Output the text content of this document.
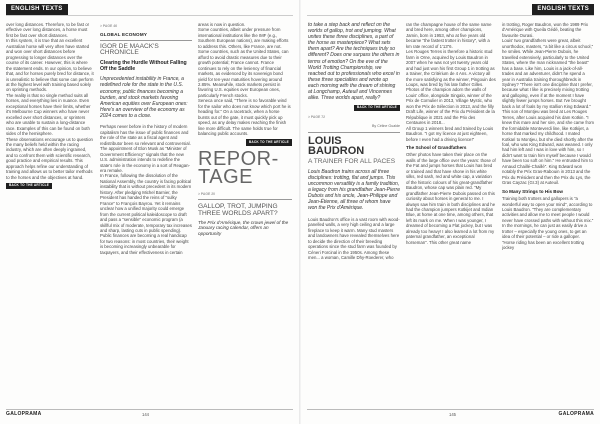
ENGLISH TEXTS

over long distances. Therefore, to be fast or effective over long distances, a horse must first be fast over short distances.

In this system, it is true that an excellent Australian horse will very often have started and won over short distances before progressing to longer distances over the course of its career. However, this is where the statement ends. In our opinion, to believe that, and for horses purely bred for distance, it is unrealistic to believe that some can perform at the highest level with training based solely on sprinting methods.

The reality is that no single method suits all horses, and everything lies in nuance. Even exceptional horses have their limits, whether it's Melbourne Cup winners who have never excelled over short distances, or sprinters who are unable to sustain a long-distance race. Examples of this can be found on both sides of the hemisphere.

These observations encourage us to question the many beliefs held within the racing industry, which are often deeply ingrained, and to confront them with scientific research, good practice and empirical results. This approach helps refine our understanding of training and allows us to better tailor methods to the horses and the objectives at hand.

BACK TO THE ARTICLE
> PAGE 46
GLOBAL ECONOMY
IGOR DE MAACK'S CHRONICLE
Clearing the Hurdle Without Falling Off the Saddle

Unprecedented instability in France, a redefined role for the state in the U.S. economy, public finances becoming a burden, and stock markets favoring American equities over European ones: Here's an overview of the economy as 2024 comes to a close.

Perhaps never before in the history of modern capitalism has the issue of public finances and the role of the state as a fiscal agent and redistributor been so relevant and controversial. The appointment of Elon Musk as "Minister of Government Efficiency" signals that the new U.S. administration intends to redefine the state's role in the economy in a sort of Reagan-era remake.

In France, following the dissolution of the National Assembly, the country is facing political instability that is without precedent in its modern history. After pledging Michel Barnier, the President has handed the reins of "sulky France" to François Bayrou. Yet it remains unclear how a unified majority could emerge from the current political kaleidoscope to draft and pass a "sensible" economic program (a skillful mix of moderate, temporary tax increases and sharp, lasting cuts in public spending).

Public finances are becoming a real handicap for two reasons: in most countries, their weight is becoming increasingly unbearable for taxpayers, and their effectiveness in certain

areas is now in question.

Some countries, albeit under pressure from international institutions like the IMF (e.g., Southern European nations), are making efforts to address this. Others, like France, are not. Some countries, such as the United States, can afford to avoid drastic measures due to their growth potential; France cannot. France continues to rely on the leniency of financial markets, as evidenced by its sovereign bond yield for ten-year maturities hovering around 2.85%. Meanwhile, stock markets persist in favoring U.S. equities over European ones, particularly French stocks.

Seneca once said, "There is no favorable wind for the sailor who does not know which port he is heading for." On a racetrack, when a horse bursts out of the gate, it must quickly pick up speed, as any delay makes reaching the finish line more difficult. The same holds true for balancing public accounts.

BACK TO THE ARTICLE
REPOR-
TAGE
> PAGE 20
GALLOP, TROT, JUMPING THREE WORLDS APART?

The Prix d'Amérique, the crown jewel of the January racing calendar, offers an opportunity

GALOPRAMA	144
ENGLISH TEXTS

to take a step back and reflect on the worlds of gallop, trot and jumping. What unites these three disciplines, a part of the horse as masterpiece? What sets them apart? Are the techniques truly so different? Does one surpass the others in terms of emotion? On the eve of the World Trotting Championship, we reached out to professionals who excel in these three specialties and wrote up each morning with the dream of shining at Longchamp, Auteuil and Vincennes alike. Three worlds apart, really?

BACK TO THE ARTICLE
> PAGE 72
By Céline Gualde
LOUIS BAUDRON
A TRAINER FOR ALL PACES

Louis Baudron trains across all three disciplines: trotting, flat and jumps. This uncommon versatility is a family tradition, a legacy from his grandfather Jean-Pierre Dubois and his uncle, Jean-Philippe and Jean-Étienne, all three of whom have won the Prix d'Amérique.

Louis Baudron's office is a vast room with wood-panelled walls, a very high ceiling and a large fireplace to keep it warm. Many stud masters and landowners have revealed themselves here to decide the direction of their breeding operations since the stud farm was founded by Céneri Forcinal in the 1950s. Among these men... a woman, Camille Dhy-Roederer, who

ran the champagne house of the same name and bred here, among other champions, Jamin, born in 1953, who at five years old became "the fastest trotter in history", with a km rate record of 1'13"6.

Les Rouges Terres is therefore a historic stud farm in Orne, acquired by Louis Baudron in 2007 when he was not yet twenty years old and had just won his first Group 1 in trotting as a trainer, the Critérium de 4 Ans. A victory all the more satisfying as the winner, Pingouin des Loups, was bred by his late father Gilles.

Photos of the champion adorn the walls of Louis' office, alongside Singalo, winner of the Prix de Cornulier in 2013, Village Mystic, who won the Prix de Sélection in 2013, and the filly Draft Life, winner of the Prix du Président de la République in 2021 and the Prix des Centaures in 2018...

All Group 1 winners bred and trained by Louis Baudron. "I got my licence at just eighteen, before I even had a driving licence!"

The School of Grandfathers

Other photos have taken their place on the walls of the large office over the years: those of the Fat and jumps horses that Louis has bred or trained and that have shone in his white silks, red sash, red and white cap, a variation of the historic colours of his great-grandfather Baudron, whose cap was plain red. "My grandfather Jean-Pierre Dubois passed on this curiosity about horses in general to me. I always saw him train in both disciplines and he had the champion jumpers Kotkijet and Indian Blue, at home at one time, among others, that left its mark on me. When I was younger, I dreamed of becoming a Flat jockey, but I was already too heavy! I also learned a lot from my paternal grandfather, an exceptional horseman". This other great name

in trotting, Roger Baudron, won the 1989 Prix d'Amérique with Queila Gédé, beating the favourite Ourasi.

Louis' two grandfathers were great, albeit unorthodox, masters, "a bit like a circus school," he smiles. While Jean-Pierre Dubois, he travelled extensively, particularly to the United States, where the man nicknamed "the beast" has a base. Like him, Louis is a jack-of-all-trades and an adventurer, didn't he spend a year in Australia training thoroughbreds in Sydney? "There isn't one discipline that I prefer, because what I like is precisely mixing trotting and galloping, even if at the moment I have slightly fewer jumps horses. But I've brought back a lot of foals by my stallion King Edward." This son of Montjeu was bred at Les Rouges Terres, after Louis acquired his dam Kotkin. "I knew this mare and her sire, and she came from the formidable Monteverdi line, like Kotkijet, a horse that marked my childhood. I mated Kotkari to Montjeu, but she died shortly after the foal, who was King Edward, was weaned. I only had him left and I was in love with him, so I didn't want to train him myself because I would have been too soft on him." He entrusted him to Arnaud Chaillé-Chaillé". King Edward won notably the Prix Gras-Rabouin in 2013 and the Prix du Président and then the Prix du Lys, the Gras Cayzac (Gr.3) at Auteuil.

So Many Strings to His Bow

Training both trotters and gallopers is "a wonderful way to open your mind", according to Louis Baudron. "They are complementary activities and allow me to meet people I would never have crossed paths with without this mix."

In the mornings, he can just as easily drive a trotter – especially the young ones, to get an idea of their potential – or ride a galloper. "Horse riding has been an excellent trotting jockey

145	GALOPRAMA
